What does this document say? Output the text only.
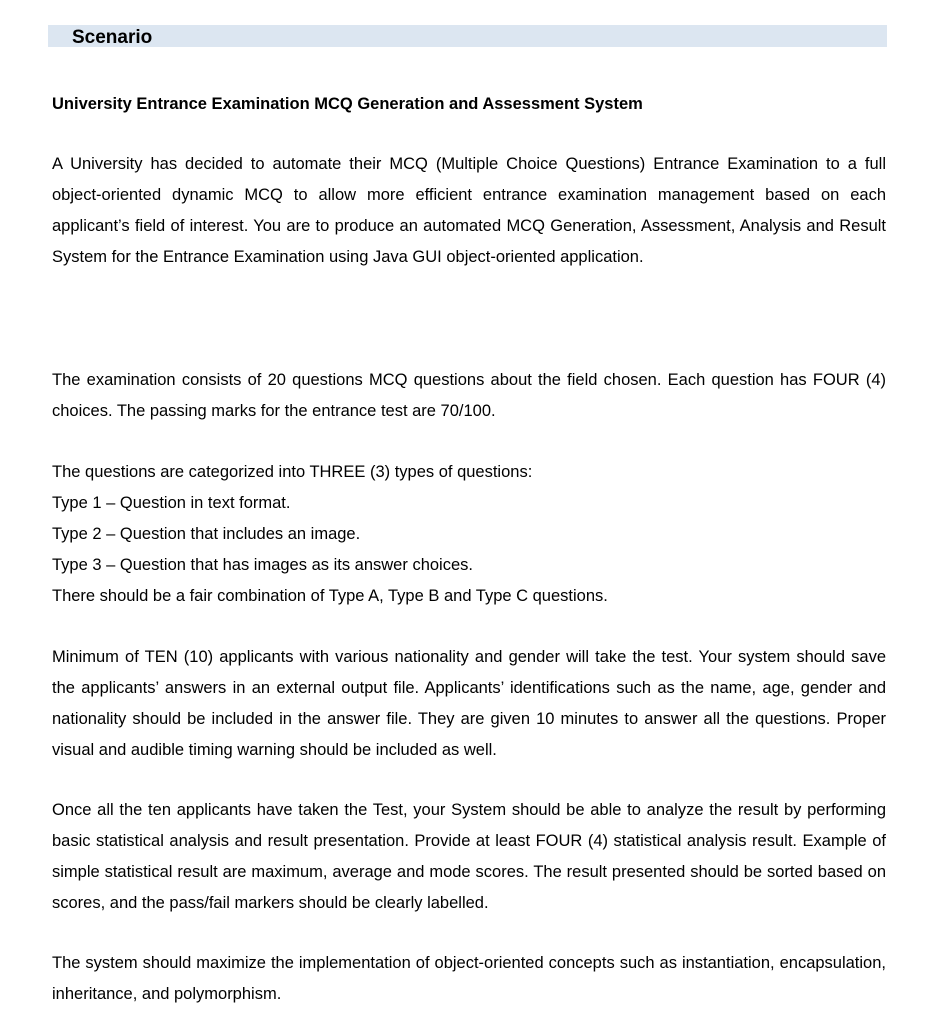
Scenario
University Entrance Examination MCQ Generation and Assessment System

A University has decided to automate their MCQ (Multiple Choice Questions) Entrance Examination to a full object-oriented dynamic MCQ to allow more efficient entrance examination management based on each applicant’s field of interest. You are to produce an automated MCQ Generation, Assessment, Analysis and Result System for the Entrance Examination using Java GUI object-oriented application.

The examination consists of 20 questions MCQ questions about the field chosen. Each question has FOUR (4) choices. The passing marks for the entrance test are 70/100.

The questions are categorized into THREE (3) types of questions:
Type 1 – Question in text format.
Type 2 – Question that includes an image.
Type 3 – Question that has images as its answer choices.
There should be a fair combination of Type A, Type B and Type C questions.

Minimum of TEN (10) applicants with various nationality and gender will take the test. Your system should save the applicants’ answers in an external output file. Applicants’ identifications such as the name, age, gender and nationality should be included in the answer file. They are given 10 minutes to answer all the questions. Proper visual and audible timing warning should be included as well.

Once all the ten applicants have taken the Test, your System should be able to analyze the result by performing basic statistical analysis and result presentation. Provide at least FOUR (4) statistical analysis result. Example of simple statistical result are maximum, average and mode scores. The result presented should be sorted based on scores, and the pass/fail markers should be clearly labelled.

The system should maximize the implementation of object-oriented concepts such as instantiation, encapsulation, inheritance, and polymorphism.
